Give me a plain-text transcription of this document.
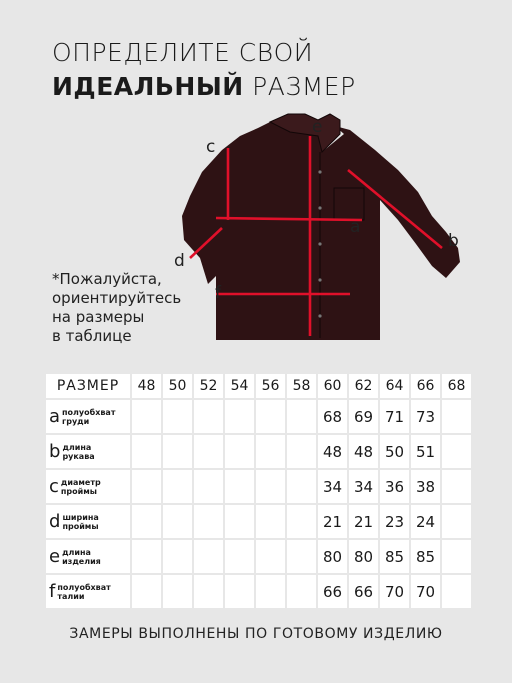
ОПРЕДЕЛИТЕ СВОЙ
ИДЕАЛЬНЫЙ РАЗМЕР
*Пожалуйста,
ориентируйтесь
на размеры
в таблице
c
e
a
b
d
f
РАЗМЕР	48	50	52	54	56	58	60	62	64	66	68
a полуобхват
груди							68	69	71	73	
b длина
рукава							48	48	50	51	
c диаметр
проймы							34	34	36	38	
d ширина
проймы							21	21	23	24	
e длина
изделия							80	80	85	85	
f полуобхват
талии							66	66	70	70	
ЗАМЕРЫ ВЫПОЛНЕНЫ ПО ГОТОВОМУ ИЗДЕЛИЮ
